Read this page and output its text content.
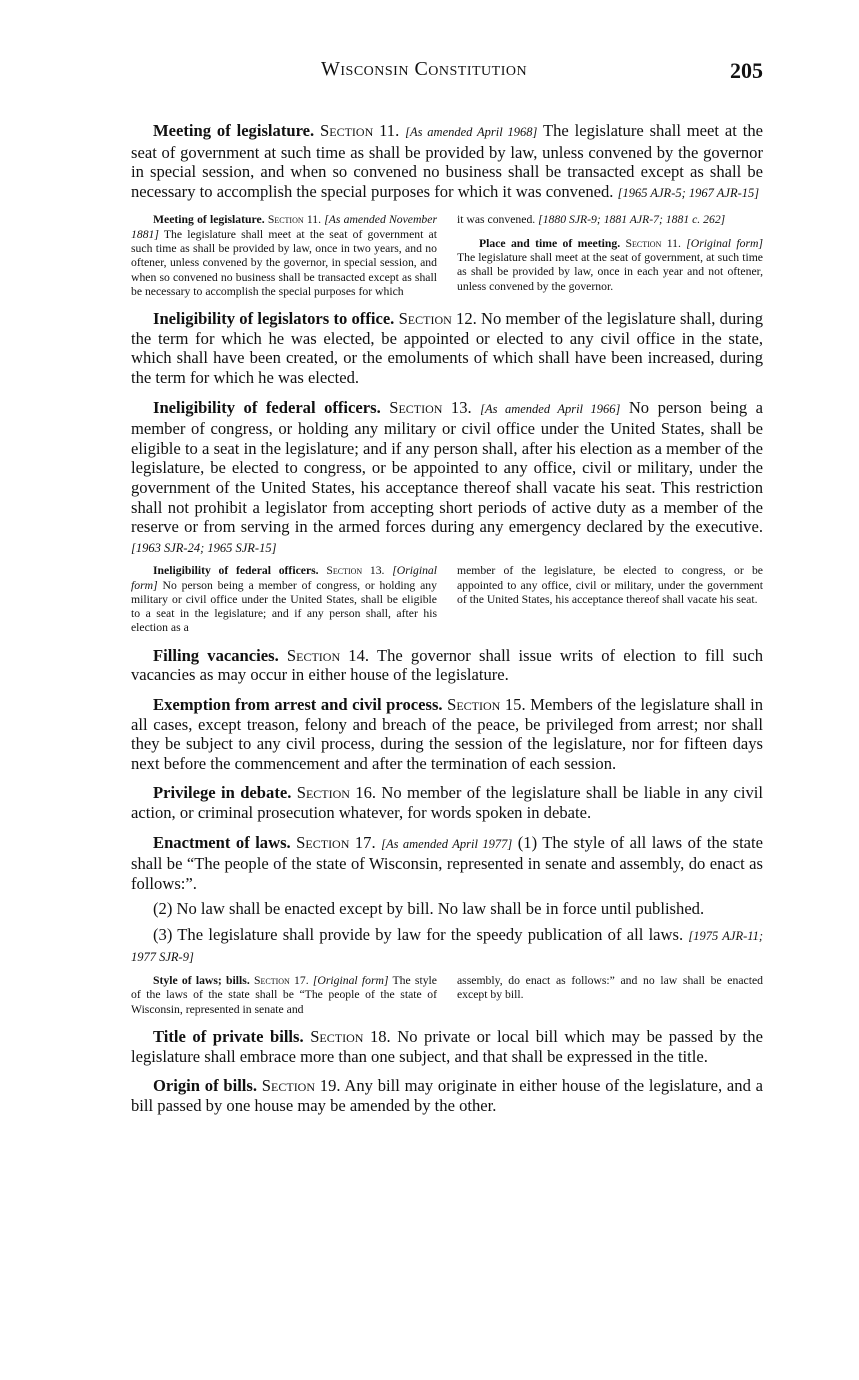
Wisconsin Constitution	205

Meeting of legislature. Section 11. [As amended April 1968] The legislature shall meet at the seat of government at such time as shall be provided by law, unless convened by the governor in special session, and when so convened no business shall be transacted except as shall be necessary to accomplish the special purposes for which it was convened. [1965 AJR-5; 1967 AJR-15]

Meeting of legislature. Section 11. [As amended November 1881] The legislature shall meet at the seat of government at such time as shall be provided by law, once in two years, and no oftener, unless convened by the governor, in special session, and when so convened no business shall be transacted except as shall be necessary to accomplish the special purposes for which

it was convened. [1880 SJR-9; 1881 AJR-7; 1881 c. 262]

Place and time of meeting. Section 11. [Original form] The legislature shall meet at the seat of government, at such time as shall be provided by law, once in each year and not oftener, unless convened by the governor.

Ineligibility of legislators to office. Section 12. No member of the legislature shall, during the term for which he was elected, be appointed or elected to any civil office in the state, which shall have been created, or the emoluments of which shall have been increased, during the term for which he was elected.

Ineligibility of federal officers. Section 13. [As amended April 1966] No person being a member of congress, or holding any military or civil office under the United States, shall be eligible to a seat in the legislature; and if any person shall, after his election as a member of the legislature, be elected to congress, or be appointed to any office, civil or military, under the government of the United States, his acceptance thereof shall vacate his seat. This restriction shall not prohibit a legislator from accepting short periods of active duty as a member of the reserve or from serving in the armed forces during any emergency declared by the executive. [1963 SJR-24; 1965 SJR-15]

Ineligibility of federal officers. Section 13. [Original form] No person being a member of congress, or holding any military or civil office under the United States, shall be eligible to a seat in the legislature; and if any person shall, after his election as a

member of the legislature, be elected to congress, or be appointed to any office, civil or military, under the government of the United States, his acceptance thereof shall vacate his seat.

Filling vacancies. Section 14. The governor shall issue writs of election to fill such vacancies as may occur in either house of the legislature.

Exemption from arrest and civil process. Section 15. Members of the legislature shall in all cases, except treason, felony and breach of the peace, be privileged from arrest; nor shall they be subject to any civil process, during the session of the legislature, nor for fifteen days next before the commencement and after the termination of each session.

Privilege in debate. Section 16. No member of the legislature shall be liable in any civil action, or criminal prosecution whatever, for words spoken in debate.

Enactment of laws. Section 17. [As amended April 1977] (1) The style of all laws of the state shall be “The people of the state of Wisconsin, represented in senate and assembly, do enact as follows:”.

(2) No law shall be enacted except by bill. No law shall be in force until published.

(3) The legislature shall provide by law for the speedy publication of all laws. [1975 AJR-11; 1977 SJR-9]

Style of laws; bills. Section 17. [Original form] The style of the laws of the state shall be “The people of the state of Wisconsin, represented in senate and

assembly, do enact as follows:” and no law shall be enacted except by bill.

Title of private bills. Section 18. No private or local bill which may be passed by the legislature shall embrace more than one subject, and that shall be expressed in the title.

Origin of bills. Section 19. Any bill may originate in either house of the legislature, and a bill passed by one house may be amended by the other.
